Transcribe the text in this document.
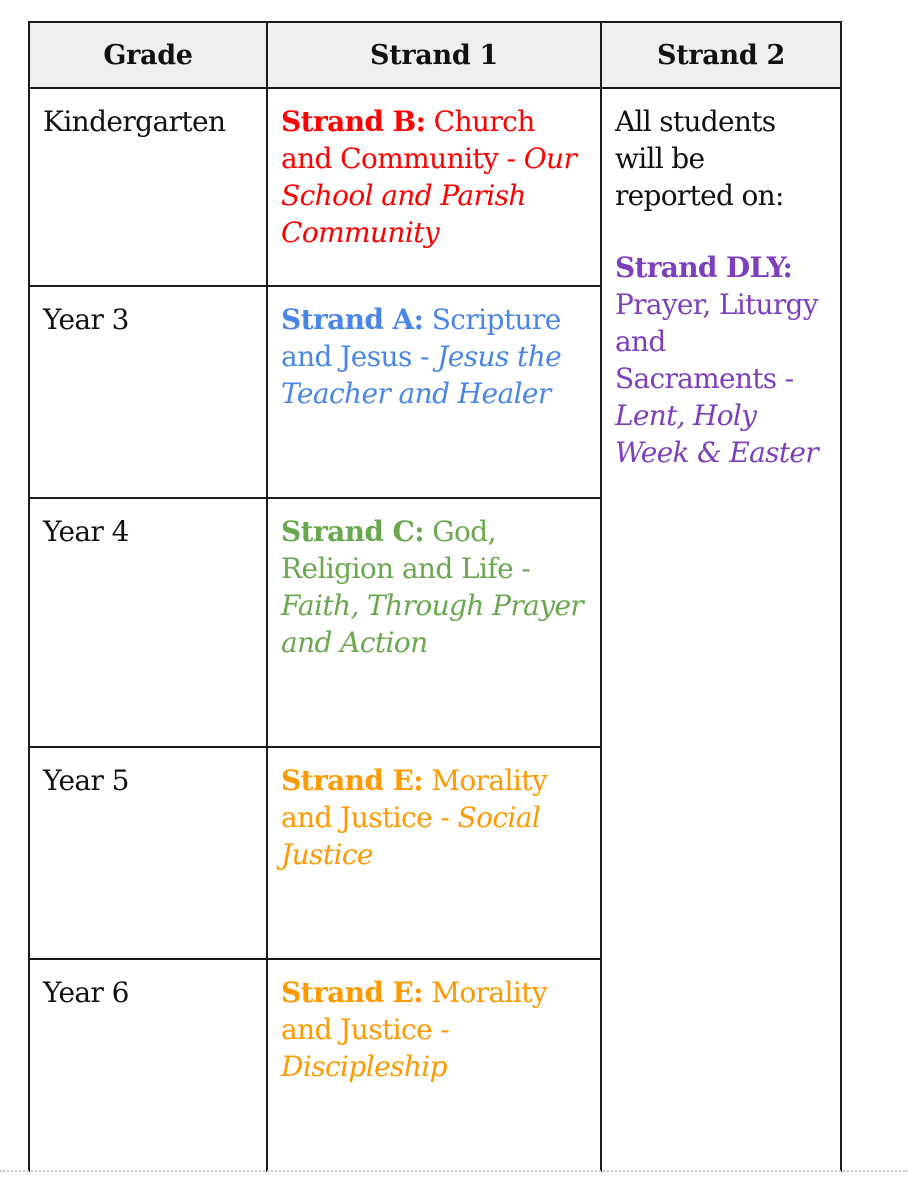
Grade	Strand 1	Strand 2

Kindergarten	Strand B: Church and Community - Our School and Parish Community	All students will be reported on:
Strand DLY: Prayer, Liturgy and Sacraments - Lent, Holy Week & Easter

Year 3	Strand A: Scripture and Jesus - Jesus the Teacher and Healer	

Year 4	Strand C: God, Religion and Life - Faith, Through Prayer and Action	

Year 5	Strand E: Morality and Justice - Social Justice	

Year 6	Strand E: Morality and Justice - Discipleship	
